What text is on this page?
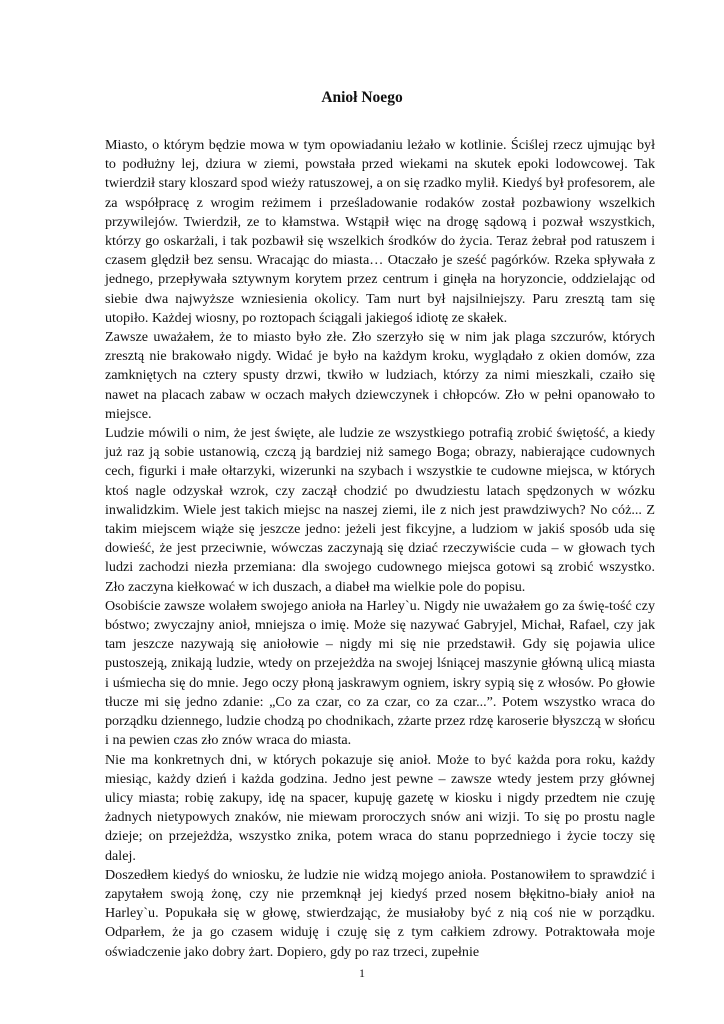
Anioł Noego

Miasto, o którym będzie mowa w tym opowiadaniu leżało w kotlinie. Ściślej rzecz ujmując był to podłużny lej, dziura w ziemi, powstała przed wiekami na skutek epoki lodowcowej. Tak twierdził stary kloszard spod wieży ratuszowej, a on się rzadko mylił. Kiedyś był profesorem, ale za współpracę z wrogim reżimem i prześladowanie rodaków został pozbawiony wszelkich przywilejów. Twierdził, ze to kłamstwa. Wstąpił więc na drogę sądową i pozwał wszystkich, którzy go oskarżali, i tak pozbawił się wszelkich środków do życia. Teraz żebrał pod ratuszem i czasem ględził bez sensu. Wracając do miasta… Otaczało je sześć pagórków. Rzeka spływała z jednego, przepływała sztywnym korytem przez centrum i ginęła na horyzoncie, oddzielając od siebie dwa najwyższe wzniesienia okolicy. Tam nurt był najsilniejszy. Paru zresztą tam się utopiło. Każdej wiosny, po roztopach ściągali jakiegoś idiotę ze skałek.

Zawsze uważałem, że to miasto było złe. Zło szerzyło się w nim jak plaga szczurów, których zresztą nie brakowało nigdy. Widać je było na każdym kroku, wyglądało z okien domów, zza zamkniętych na cztery spusty drzwi, tkwiło w ludziach, którzy za nimi mieszkali, czaiło się nawet na placach zabaw w oczach małych dziewczynek i chłopców. Zło w pełni opanowało to miejsce.

Ludzie mówili o nim, że jest święte, ale ludzie ze wszystkiego potrafią zrobić świętość, a kiedy już raz ją sobie ustanowią, czczą ją bardziej niż samego Boga; obrazy, nabierające cudownych cech, figurki i małe ołtarzyki, wizerunki na szybach i wszystkie te cudowne miejsca, w których ktoś nagle odzyskał wzrok, czy zaczął chodzić po dwudziestu latach spędzonych w wózku inwalidzkim. Wiele jest takich miejsc na naszej ziemi, ile z nich jest prawdziwych? No cóż... Z takim miejscem wiąże się jeszcze jedno: jeżeli jest fikcyjne, a ludziom w jakiś sposób uda się dowieść, że jest przeciwnie, wówczas zaczynają się dziać rzeczywiście cuda – w głowach tych ludzi zachodzi niezła przemiana: dla swojego cudownego miejsca gotowi są zrobić wszystko. Zło zaczyna kiełkować w ich duszach, a diabeł ma wielkie pole do popisu.

Osobiście zawsze wolałem swojego anioła na Harley`u. Nigdy nie uważałem go za świę-tość czy bóstwo; zwyczajny anioł, mniejsza o imię. Może się nazywać Gabryjel, Michał, Rafael, czy jak tam jeszcze nazywają się aniołowie – nigdy mi się nie przedstawił. Gdy się pojawia ulice pustoszeją, znikają ludzie, wtedy on przejeżdża na swojej lśniącej maszynie główną ulicą miasta i uśmiecha się do mnie. Jego oczy płoną jaskrawym ogniem, iskry sypią się z włosów. Po głowie tłucze mi się jedno zdanie: „Co za czar, co za czar, co za czar...”. Potem wszystko wraca do porządku dziennego, ludzie chodzą po chodnikach, zżarte przez rdzę karoserie błyszczą w słońcu i na pewien czas zło znów wraca do miasta.

Nie ma konkretnych dni, w których pokazuje się anioł. Może to być każda pora roku, każdy miesiąc, każdy dzień i każda godzina. Jedno jest pewne – zawsze wtedy jestem przy głównej ulicy miasta; robię zakupy, idę na spacer, kupuję gazetę w kiosku i nigdy przedtem nie czuję żadnych nietypowych znaków, nie miewam proroczych snów ani wizji. To się po prostu nagle dzieje; on przejeżdża, wszystko znika, potem wraca do stanu poprzedniego i życie toczy się dalej.

Doszedłem kiedyś do wniosku, że ludzie nie widzą mojego anioła. Postanowiłem to sprawdzić i zapytałem swoją żonę, czy nie przemknął jej kiedyś przed nosem błękitno-biały anioł na Harley`u. Popukała się w głowę, stwierdzając, że musiałoby być z nią coś nie w porządku. Odparłem, że ja go czasem widuję i czuję się z tym całkiem zdrowy. Potraktowała moje oświadczenie jako dobry żart. Dopiero, gdy po raz trzeci, zupełnie

1
